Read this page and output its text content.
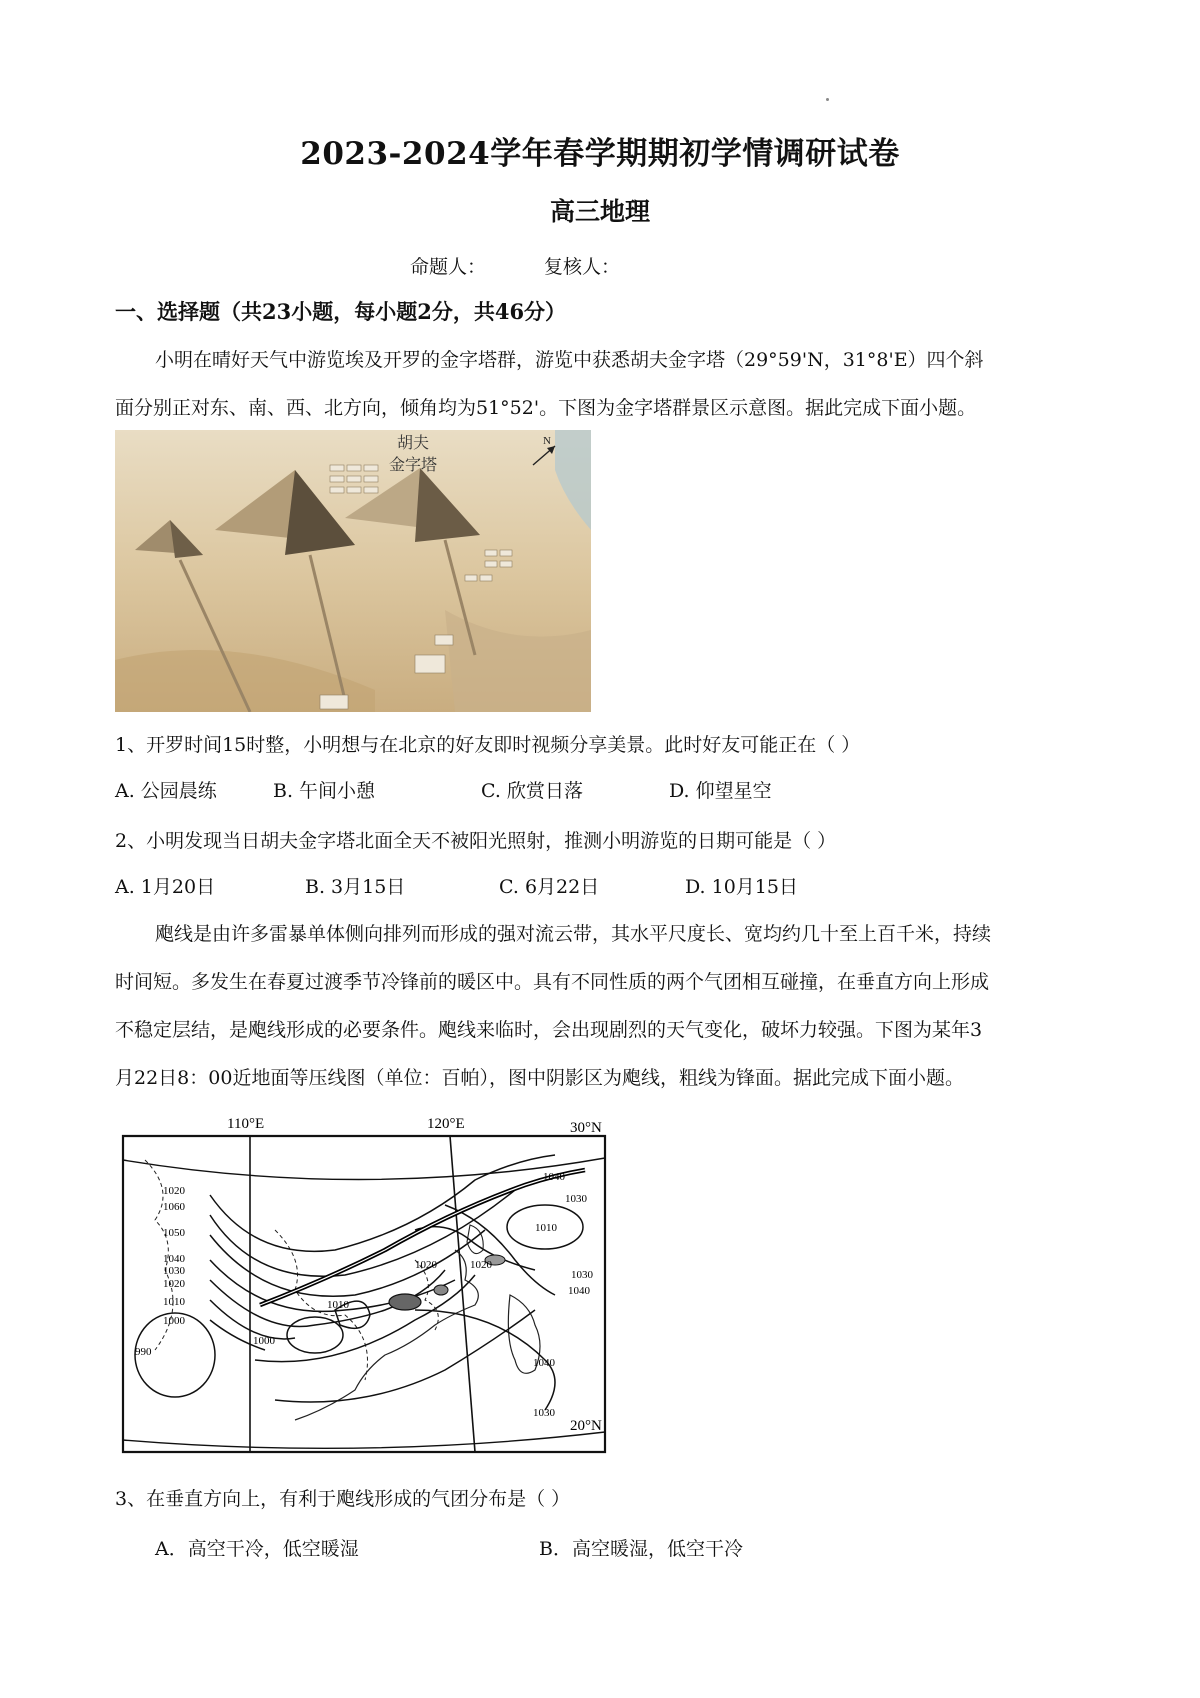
2023-2024学年春学期期初学情调研试卷
高三地理
命题人：	复核人：
一、选择题（共23小题，每小题2分，共46分）
小明在晴好天气中游览埃及开罗的金字塔群，游览中获悉胡夫金字塔（29°59'N，31°8'E）四个斜
面分别正对东、南、西、北方向，倾角均为51°52'。下图为金字塔群景区示意图。据此完成下面小题。
胡夫
金字塔
N
1、开罗时间15时整，小明想与在北京的好友即时视频分享美景。此时好友可能正在（ ）
A. 公园晨练	B. 午间小憩	C. 欣赏日落	D. 仰望星空
2、小明发现当日胡夫金字塔北面全天不被阳光照射，推测小明游览的日期可能是（ ）
A. 1月20日	B. 3月15日	C. 6月22日	D. 10月15日
飑线是由许多雷暴单体侧向排列而形成的强对流云带，其水平尺度长、宽均约几十至上百千米，持续
时间短。多发生在春夏过渡季节冷锋前的暖区中。具有不同性质的两个气团相互碰撞，在垂直方向上形成
不稳定层结，是飑线形成的必要条件。飑线来临时，会出现剧烈的天气变化，破坏力较强。下图为某年3
月22日8：00近地面等压线图（单位：百帕），图中阴影区为飑线，粗线为锋面。据此完成下面小题。
110°E	120°E	30°N
20°N
1020
1060
1050
1040
1030
1020
1010
1000
990
1000
1010
1020	1020
1010
1040
1030
1030
1040
1040
1030
3、在垂直方向上，有利于飑线形成的气团分布是（ ）
A．高空干冷，低空暖湿	B．高空暖湿，低空干冷
